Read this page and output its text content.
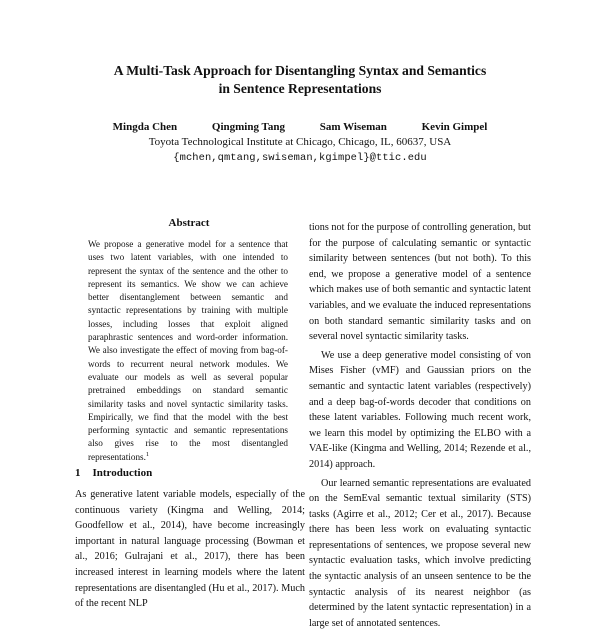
A Multi-Task Approach for Disentangling Syntax and Semantics
in Sentence Representations
Mingda Chen	Qingming Tang	Sam Wiseman	Kevin Gimpel
Toyota Technological Institute at Chicago, Chicago, IL, 60637, USA
{mchen,qmtang,swiseman,kgimpel}@ttic.edu
Abstract
We propose a generative model for a sentence that uses two latent variables, with one intended to represent the syntax of the sentence and the other to represent its semantics. We show we can achieve better disentanglement between semantic and syntactic representations by training with multiple losses, including losses that exploit aligned paraphrastic sentences and word-order information. We also investigate the effect of moving from bag-of-words to recurrent neural network modules. We evaluate our models as well as several popular pretrained embeddings on standard semantic similarity tasks and novel syntactic similarity tasks. Empirically, we find that the model with the best performing syntactic and semantic representations also gives rise to the most disentangled representations.$^1$
1 Introduction

As generative latent variable models, especially of the continuous variety (Kingma and Welling, 2014; Goodfellow et al., 2014), have become increasingly important in natural language processing (Bowman et al., 2016; Gulrajani et al., 2017), there has been increased interest in learning models where the latent representations are disentangled (Hu et al., 2017). Much of the recent NLP

tions not for the purpose of controlling generation, but for the purpose of calculating semantic or syntactic similarity between sentences (but not both). To this end, we propose a generative model of a sentence which makes use of both semantic and syntactic latent variables, and we evaluate the induced representations on both standard semantic similarity tasks and on several novel syntactic similarity tasks.

We use a deep generative model consisting of von Mises Fisher (vMF) and Gaussian priors on the semantic and syntactic latent variables (respectively) and a deep bag-of-words decoder that conditions on these latent variables. Following much recent work, we learn this model by optimizing the ELBO with a VAE-like (Kingma and Welling, 2014; Rezende et al., 2014) approach.

Our learned semantic representations are evaluated on the SemEval semantic textual similarity (STS) tasks (Agirre et al., 2012; Cer et al., 2017). Because there has been less work on evaluating syntactic representations of sentences, we propose several new syntactic evaluation tasks, which involve predicting the syntactic analysis of an unseen sentence to be the syntactic analysis of its nearest neighbor (as determined by the latent syntactic representation) in a large set of annotated sentences.
